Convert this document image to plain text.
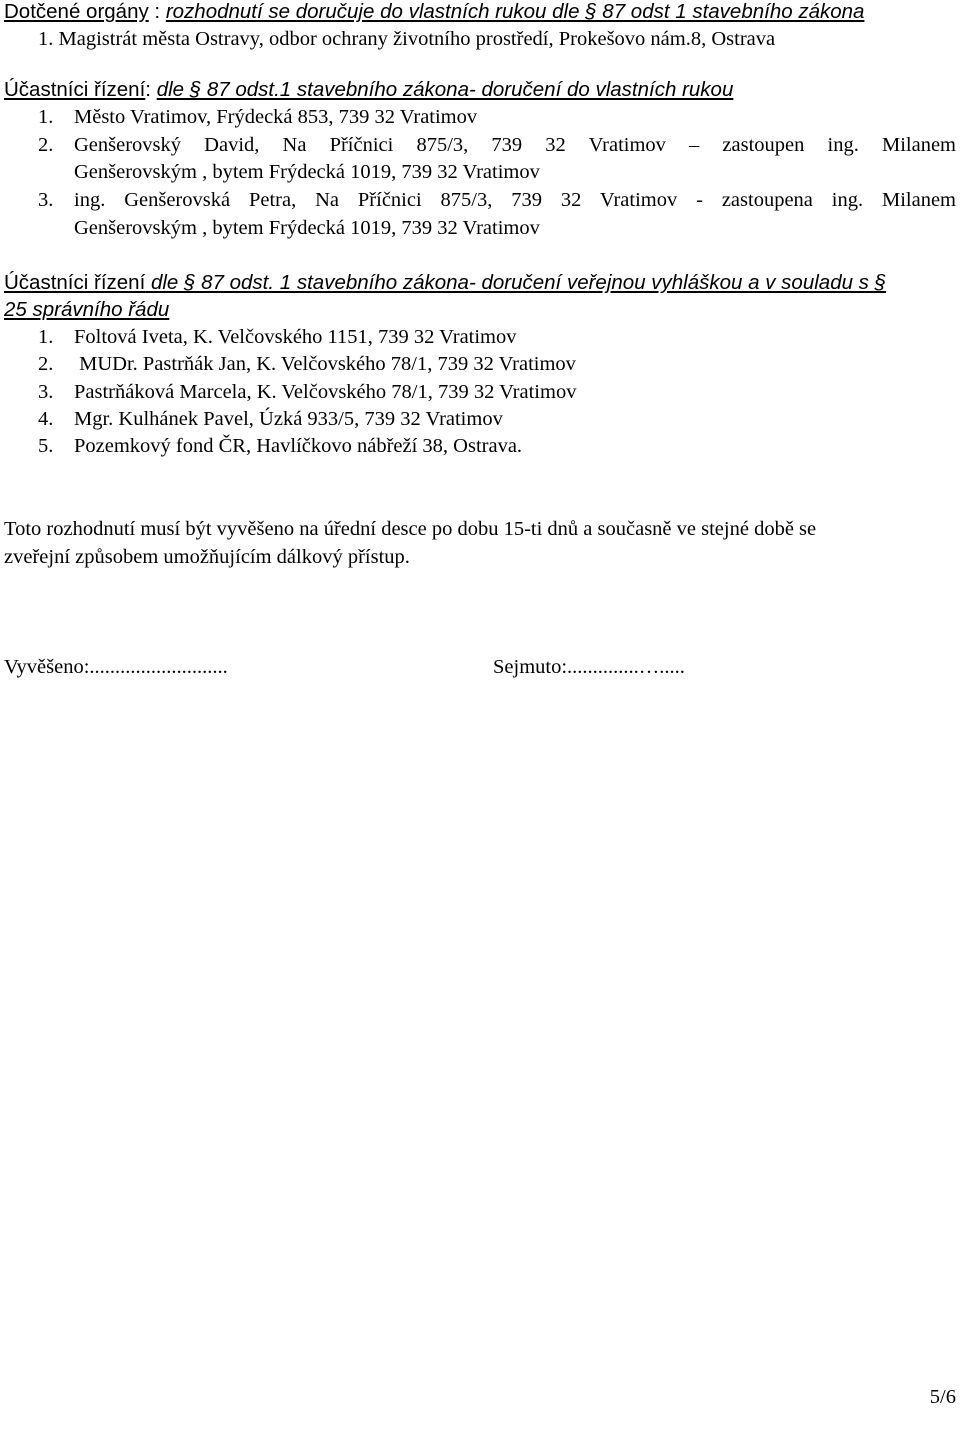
Dotčené orgány : rozhodnutí se doručuje do vlastních rukou dle § 87 odst 1 stavebního zákona
1. Magistrát města Ostravy, odbor ochrany životního prostředí, Prokešovo nám.8, Ostrava
Účastníci řízení: dle § 87 odst.1 stavebního zákona- doručení do vlastních rukou
1. Město Vratimov, Frýdecká 853, 739 32 Vratimov
2. Genšerovský David, Na Příčnici 875/3, 739 32 Vratimov – zastoupen ing. Milanem
Genšerovským , bytem Frýdecká 1019, 739 32 Vratimov
3. ing. Genšerovská Petra, Na Příčnici 875/3, 739 32 Vratimov - zastoupena ing. Milanem
Genšerovským , bytem Frýdecká 1019, 739 32 Vratimov
Účastníci řízení dle § 87 odst. 1 stavebního zákona- doručení veřejnou vyhláškou a v souladu s §
25 správního řádu
1. Foltová Iveta, K. Velčovského 1151, 739 32 Vratimov
2. MUDr. Pastrňák Jan, K. Velčovského 78/1, 739 32 Vratimov
3. Pastrňáková Marcela, K. Velčovského 78/1, 739 32 Vratimov
4. Mgr. Kulhánek Pavel, Úzká 933/5, 739 32 Vratimov
5. Pozemkový fond ČR, Havlíčkovo nábřeží 38, Ostrava.
Toto rozhodnutí musí být vyvěšeno na úřední desce po dobu 15-ti dnů a současně ve stejné době se
zveřejní způsobem umožňujícím dálkový přístup.
Vyvěšeno:...........................	Sejmuto:..............….....
5/6
